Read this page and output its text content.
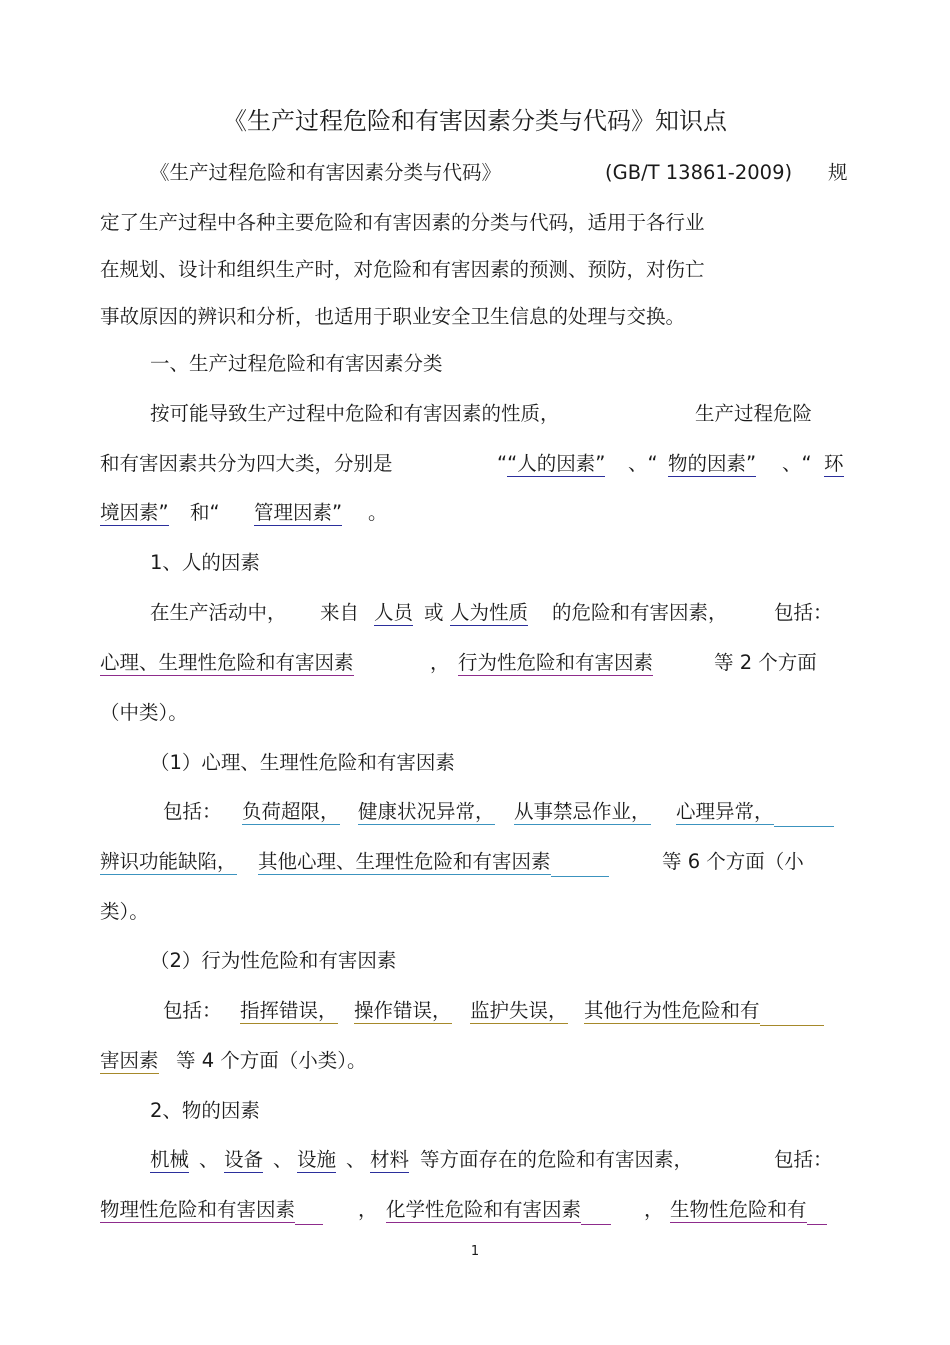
《生产过程危险和有害因素分类与代码》知识点
《生产过程危险和有害因素分类与代码》	(GB/T 13861-2009) 规
定了生产过程中各种主要危险和有害因素的分类与代码，适用于各行业
在规划、设计和组织生产时，对危险和有害因素的预测、预防，对伤亡
事故原因的辨识和分析，也适用于职业安全卫生信息的处理与交换。
一、生产过程危险和有害因素分类
按可能导致生产过程中危险和有害因素的性质，	生产过程危险
和有害因素共分为四大类，分别是	““人的因素” 、“ 物的因素” 、“ 环
境因素” 和“ 管理因素” 。
1、人的因素
在生产活动中， 来自 人员 或 人为性质 的危险和有害因素， 包括：
心理、生理性危险和有害因素	， 行为性危险和有害因素	等 2 个方面
（中类）。
（1）心理、生理性危险和有害因素
包括： 负荷超限， 健康状况异常， 从事禁忌作业， 心理异常，
辨识功能缺陷， 其他心理、生理性危险和有害因素	等 6 个方面（小
类）。
（2）行为性危险和有害因素
包括： 指挥错误， 操作错误， 监护失误， 其他行为性危险和有
害因素 等 4 个方面（小类）。
2、物的因素
机械 、 设备 、 设施 、 材料 等方面存在的危险和有害因素，	包括：
物理性危险和有害因素	， 化学性危险和有害因素	， 生物性危险和有
1
